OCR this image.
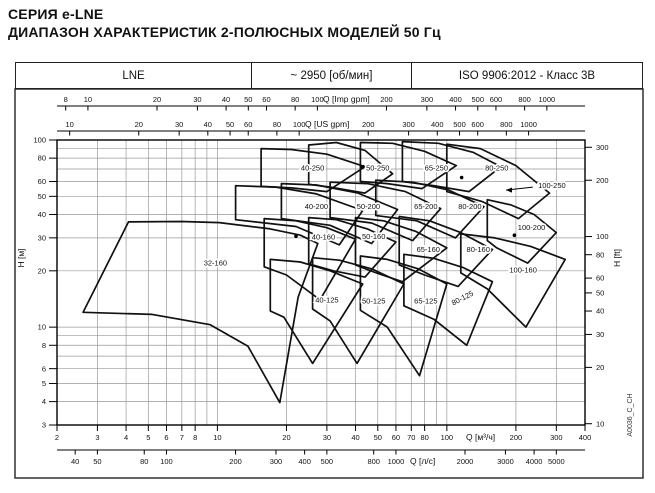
3
4
5
6
8
10
20
30
40
50
60
80
100
H [м]
10
20
30
40
50
60
80
100
200
300
H [ft]
2	3	4 5 6 7 8 10	20	30	40 50 60 70 80 100	200	300 400
Q [м³/ч]
8 10	20	30	40 50 60	80 100	200	300 400 500 600 800 1000
Q [Imp gpm]
10	20	30	40 50 60	80 100	200	300 400 500 600 800 1000
Q [US gpm]
40 50	80 100	200	300 400 500	800 1000	2000	3000 4000 5000
Q [л/с]
40-250	50-250	65-250	80-250
100-250
40-200	50-200	65-200	80-200
100-200
32-160
40-160	50-160
65-160	80-160
100-160
40-125	50-125	65-125 80-125
A0036_C_CH
СЕРИЯ e-LNE
ДИАПАЗОН ХАРАКТЕРИСТИК 2-ПОЛЮСНЫХ МОДЕЛЕЙ 50 Гц
LNE	~ 2950 [об/мин]	ISO 9906:2012 - Класс 3В
